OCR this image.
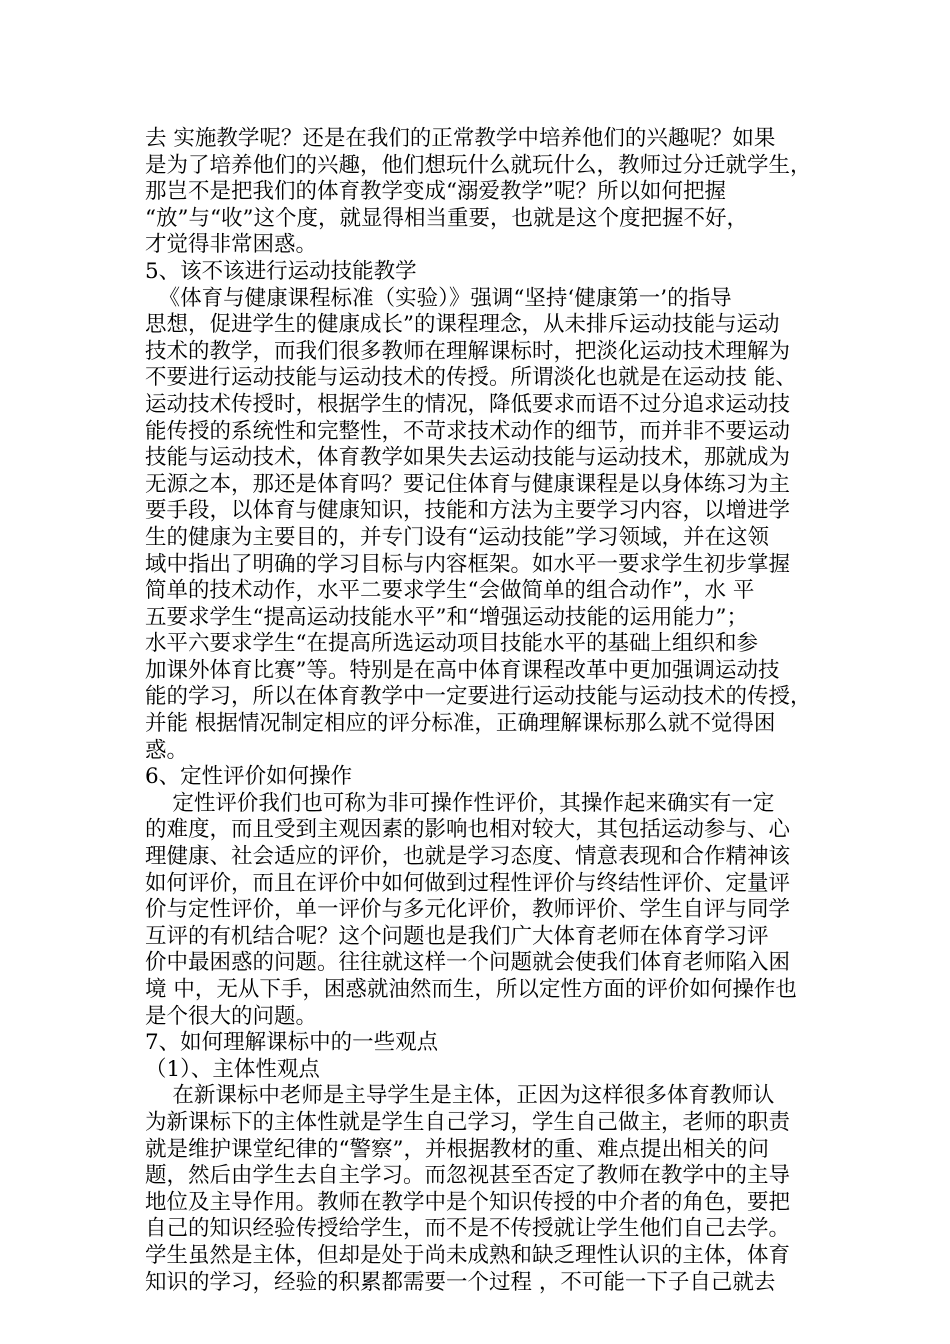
去 实施教学呢？还是在我们的正常教学中培养他们的兴趣呢？如果
是为了培养他们的兴趣，他们想玩什么就玩什么，教师过分迁就学生，
那岂不是把我们的体育教学变成“溺爱教学”呢？所以如何把握
“放”与“收”这个度，就显得相当重要，也就是这个度把握不好，
才觉得非常困惑。
5、该不该进行运动技能教学
《体育与健康课程标准（实验）》强调“坚持‘健康第一’的指导
思想，促进学生的健康成长”的课程理念，从未排斥运动技能与运动
技术的教学，而我们很多教师在理解课标时，把淡化运动技术理解为
不要进行运动技能与运动技术的传授。所谓淡化也就是在运动技 能、
运动技术传授时，根据学生的情况，降低要求而语不过分追求运动技
能传授的系统性和完整性，不苛求技术动作的细节，而并非不要运动
技能与运动技术，体育教学如果失去运动技能与运动技术，那就成为
无源之本，那还是体育吗？要记住体育与健康课程是以身体练习为主
要手段，以体育与健康知识，技能和方法为主要学习内容，以增进学
生的健康为主要目的，并专门设有“运动技能”学习领域，并在这领
域中指出了明确的学习目标与内容框架。如水平一要求学生初步掌握
简单的技术动作，水平二要求学生“会做简单的组合动作”，水 平
五要求学生“提高运动技能水平”和“增强运动技能的运用能力”；
水平六要求学生“在提高所选运动项目技能水平的基础上组织和参
加课外体育比赛”等。特别是在高中体育课程改革中更加强调运动技
能的学习，所以在体育教学中一定要进行运动技能与运动技术的传授，
并能 根据情况制定相应的评分标准，正确理解课标那么就不觉得困
惑。
6、定性评价如何操作
定性评价我们也可称为非可操作性评价，其操作起来确实有一定
的难度，而且受到主观因素的影响也相对较大，其包括运动参与、心
理健康、社会适应的评价，也就是学习态度、情意表现和合作精神该
如何评价，而且在评价中如何做到过程性评价与终结性评价、定量评
价与定性评价，单一评价与多元化评价，教师评价、学生自评与同学
互评的有机结合呢？这个问题也是我们广大体育老师在体育学习评
价中最困惑的问题。往往就这样一个问题就会使我们体育老师陷入困
境 中，无从下手，困惑就油然而生，所以定性方面的评价如何操作也
是个很大的问题。
7、如何理解课标中的一些观点
（1）、主体性观点
在新课标中老师是主导学生是主体，正因为这样很多体育教师认
为新课标下的主体性就是学生自己学习，学生自己做主，老师的职责
就是维护课堂纪律的“警察”，并根据教材的重、难点提出相关的问
题，然后由学生去自主学习。而忽视甚至否定了教师在教学中的主导
地位及主导作用。教师在教学中是个知识传授的中介者的角色，要把
自己的知识经验传授给学生，而不是不传授就让学生他们自己去学。
学生虽然是主体，但却是处于尚未成熟和缺乏理性认识的主体，体育
知识的学习，经验的积累都需要一个过程 ，不可能一下子自己就去
